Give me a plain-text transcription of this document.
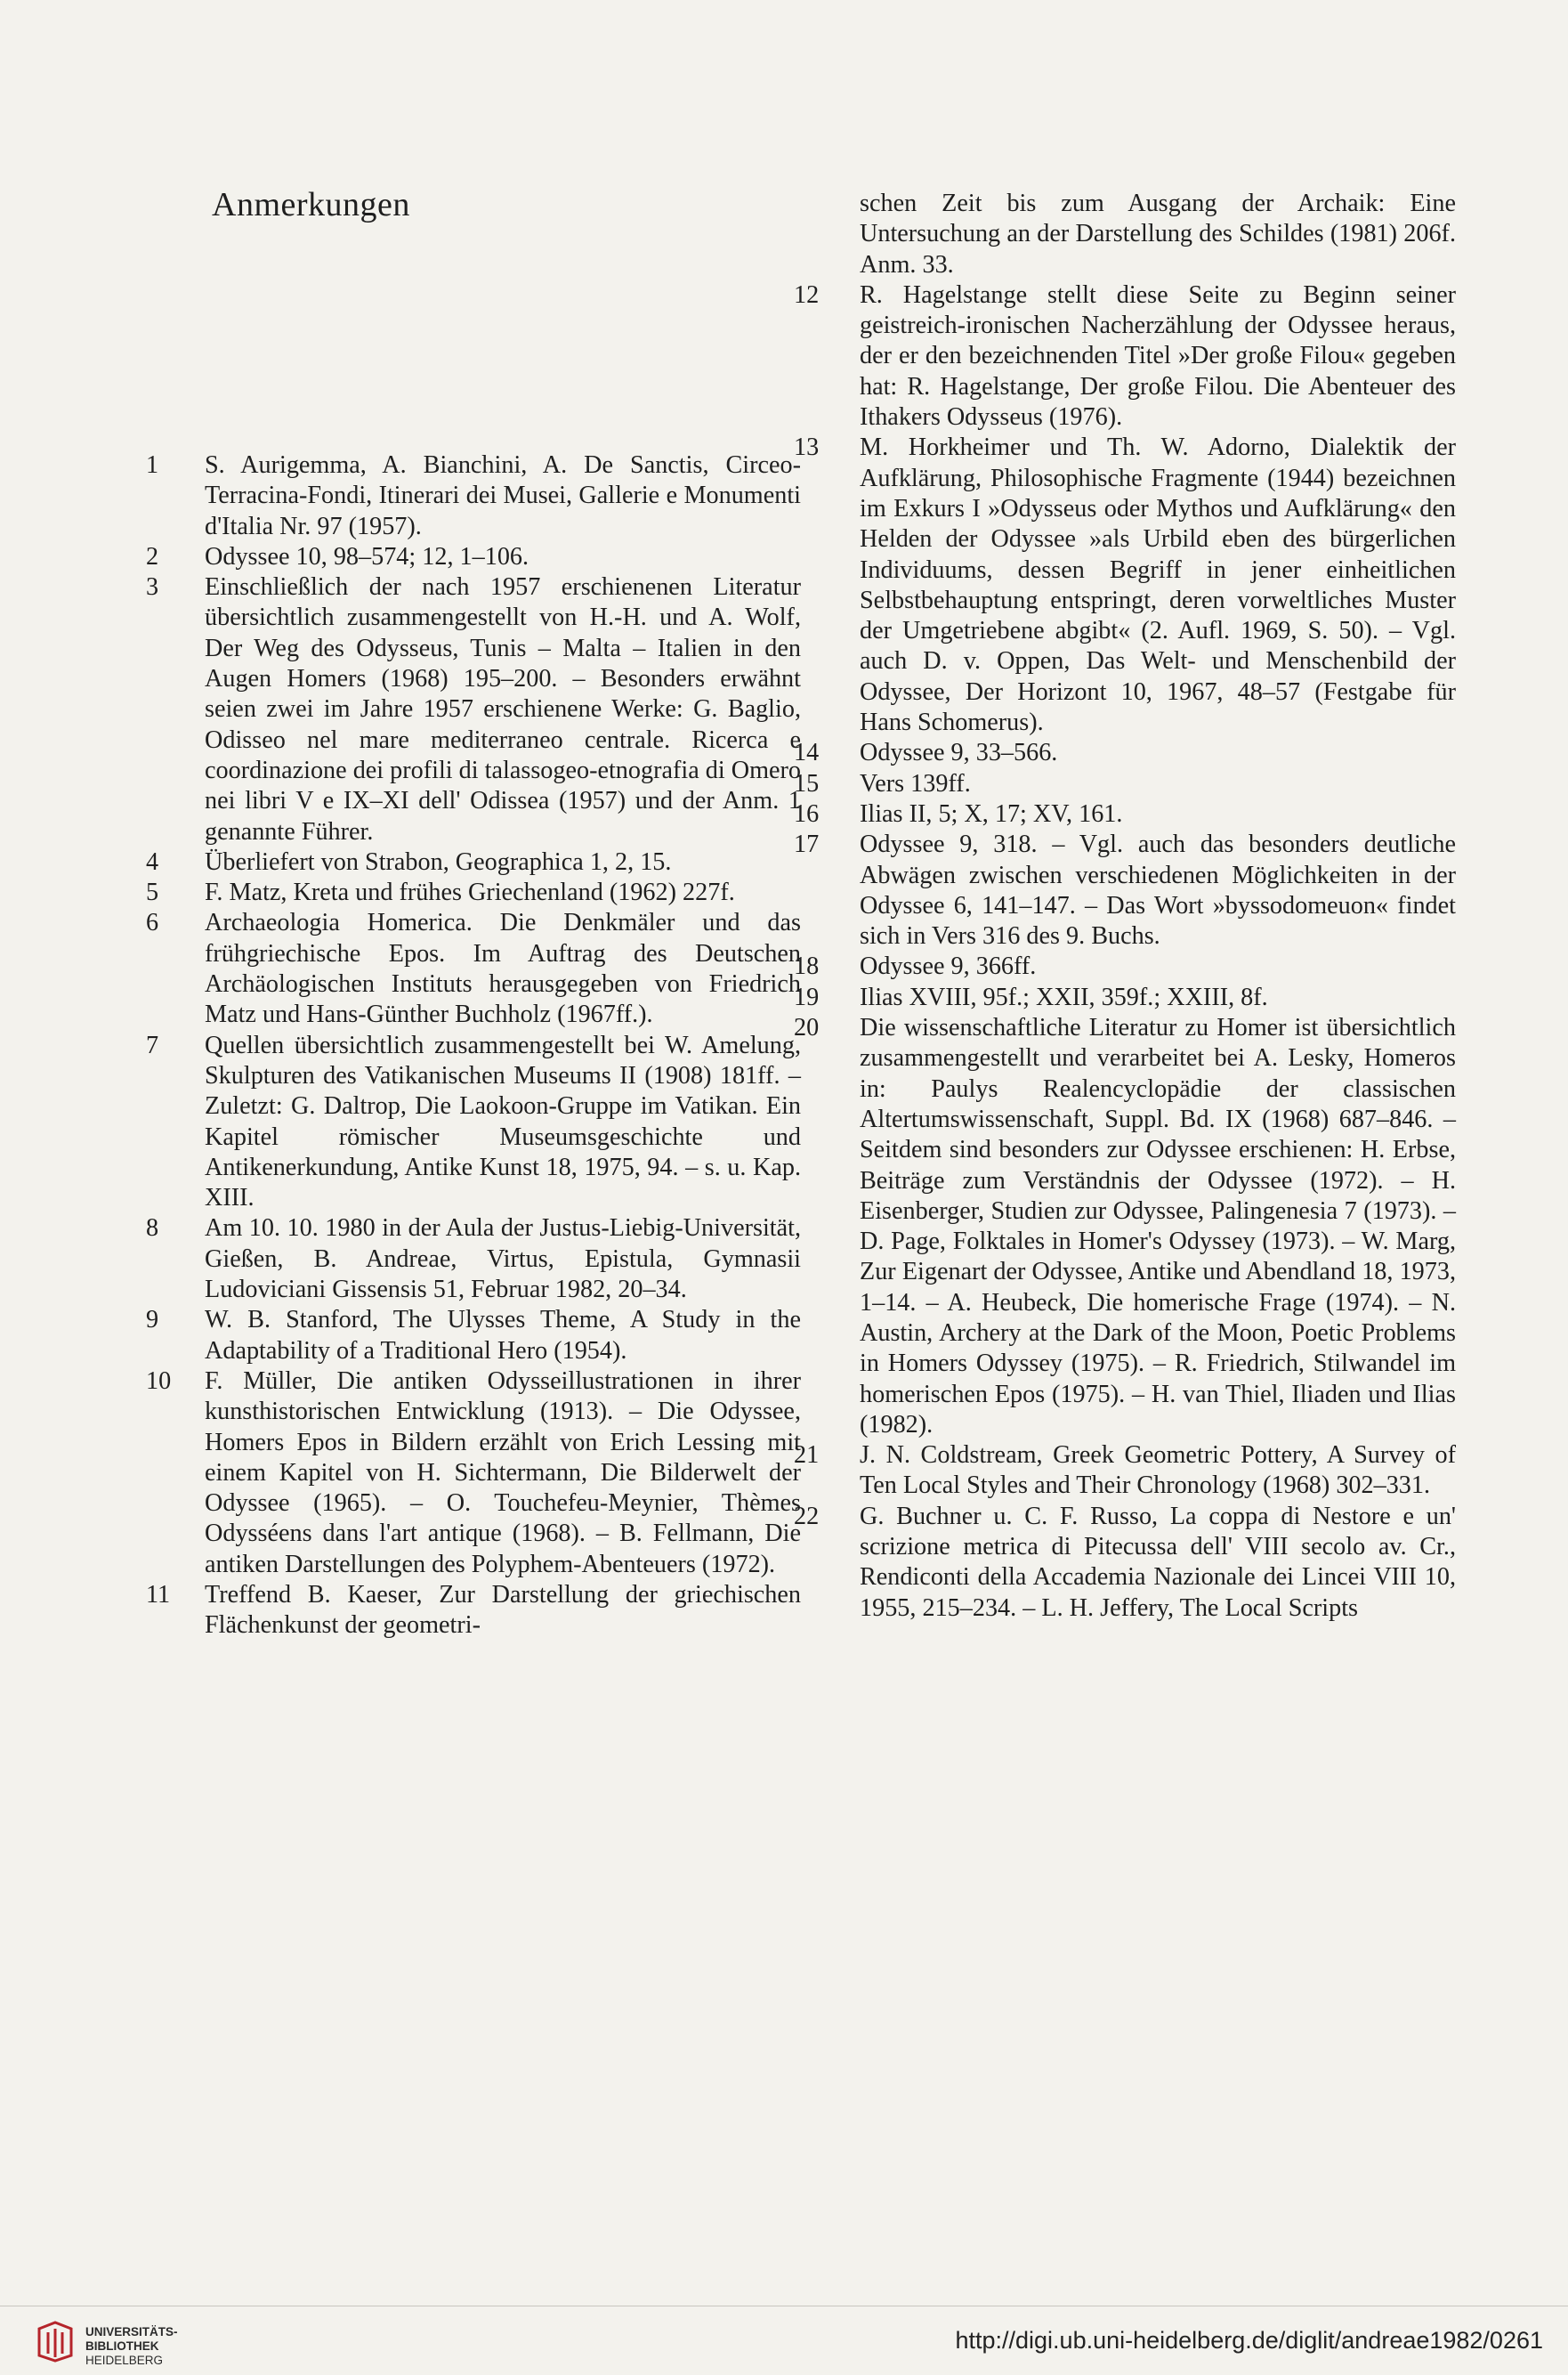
Anmerkungen
1	S. Aurigemma, A. Bianchini, A. De Sanctis, Circeo-Terracina-Fondi, Itinerari dei Musei, Gallerie e Monumenti d'Italia Nr. 97 (1957).
2	Odyssee 10, 98–574; 12, 1–106.
3	Einschließlich der nach 1957 erschienenen Literatur übersichtlich zusammengestellt von H.-H. und A. Wolf, Der Weg des Odysseus, Tunis – Malta – Italien in den Augen Homers (1968) 195–200. – Besonders erwähnt seien zwei im Jahre 1957 erschienene Werke: G. Baglio, Odisseo nel mare mediterraneo centrale. Ricerca e coordinazione dei profili di talassogeo-etnografia di Omero nei libri V e IX–XI dell' Odissea (1957) und der Anm. 1 genannte Führer.
4	Überliefert von Strabon, Geographica 1, 2, 15.
5	F. Matz, Kreta und frühes Griechenland (1962) 227f.
6	Archaeologia Homerica. Die Denkmäler und das frühgriechische Epos. Im Auftrag des Deutschen Archäologischen Instituts herausgegeben von Friedrich Matz und Hans-Günther Buchholz (1967ff.).
7	Quellen übersichtlich zusammengestellt bei W. Amelung, Skulpturen des Vatikanischen Museums II (1908) 181ff. – Zuletzt: G. Daltrop, Die Laokoon-Gruppe im Vatikan. Ein Kapitel römischer Museumsgeschichte und Antikenerkundung, Antike Kunst 18, 1975, 94. – s. u. Kap. XIII.
8	Am 10. 10. 1980 in der Aula der Justus-Liebig-Universität, Gießen, B. Andreae, Virtus, Epistula, Gymnasii Ludoviciani Gissensis 51, Februar 1982, 20–34.
9	W. B. Stanford, The Ulysses Theme, A Study in the Adaptability of a Traditional Hero (1954).
10	F. Müller, Die antiken Odysseillustrationen in ihrer kunsthistorischen Entwicklung (1913). – Die Odyssee, Homers Epos in Bildern erzählt von Erich Lessing mit einem Kapitel von H. Sichtermann, Die Bilderwelt der Odyssee (1965). – O. Touchefeu-Meynier, Thèmes Odysséens dans l'art antique (1968). – B. Fellmann, Die antiken Darstellungen des Polyphem-Abenteuers (1972).
11	Treffend B. Kaeser, Zur Darstellung der griechischen Flächenkunst der geometri-
schen Zeit bis zum Ausgang der Archaik: Eine Untersuchung an der Darstellung des Schildes (1981) 206f. Anm. 33.
12	R. Hagelstange stellt diese Seite zu Beginn seiner geistreich-ironischen Nacherzählung der Odyssee heraus, der er den bezeichnenden Titel »Der große Filou« gegeben hat: R. Hagelstange, Der große Filou. Die Abenteuer des Ithakers Odysseus (1976).
13	M. Horkheimer und Th. W. Adorno, Dialektik der Aufklärung, Philosophische Fragmente (1944) bezeichnen im Exkurs I »Odysseus oder Mythos und Aufklärung« den Helden der Odyssee »als Urbild eben des bürgerlichen Individuums, dessen Begriff in jener einheitlichen Selbstbehauptung entspringt, deren vorweltliches Muster der Umgetriebene abgibt« (2. Aufl. 1969, S. 50). – Vgl. auch D. v. Oppen, Das Welt- und Menschenbild der Odyssee, Der Horizont 10, 1967, 48–57 (Festgabe für Hans Schomerus).
14	Odyssee 9, 33–566.
15	Vers 139ff.
16	Ilias II, 5; X, 17; XV, 161.
17	Odyssee 9, 318. – Vgl. auch das besonders deutliche Abwägen zwischen verschiedenen Möglichkeiten in der Odyssee 6, 141–147. – Das Wort »byssodomeuon« findet sich in Vers 316 des 9. Buchs.
18	Odyssee 9, 366ff.
19	Ilias XVIII, 95f.; XXII, 359f.; XXIII, 8f.
20	Die wissenschaftliche Literatur zu Homer ist übersichtlich zusammengestellt und verarbeitet bei A. Lesky, Homeros in: Paulys Realencyclopädie der classischen Altertumswissenschaft, Suppl. Bd. IX (1968) 687–846. – Seitdem sind besonders zur Odyssee erschienen: H. Erbse, Beiträge zum Verständnis der Odyssee (1972). – H. Eisenberger, Studien zur Odyssee, Palingenesia 7 (1973). – D. Page, Folktales in Homer's Odyssey (1973). – W. Marg, Zur Eigenart der Odyssee, Antike und Abendland 18, 1973, 1–14. – A. Heubeck, Die homerische Frage (1974). – N. Austin, Archery at the Dark of the Moon, Poetic Problems in Homers Odyssey (1975). – R. Friedrich, Stilwandel im homerischen Epos (1975). – H. van Thiel, Iliaden und Ilias (1982).
21	J. N. Coldstream, Greek Geometric Pottery, A Survey of Ten Local Styles and Their Chronology (1968) 302–331.
22	G. Buchner u. C. F. Russo, La coppa di Nestore e un' scrizione metrica di Pitecussa dell' VIII secolo av. Cr., Rendiconti della Accademia Nazionale dei Lincei VIII 10, 1955, 215–234. – L. H. Jeffery, The Local Scripts
UNIVERSITÄTS-
BIBLIOTHEK
HEIDELBERG
http://digi.ub.uni-heidelberg.de/diglit/andreae1982/0261
